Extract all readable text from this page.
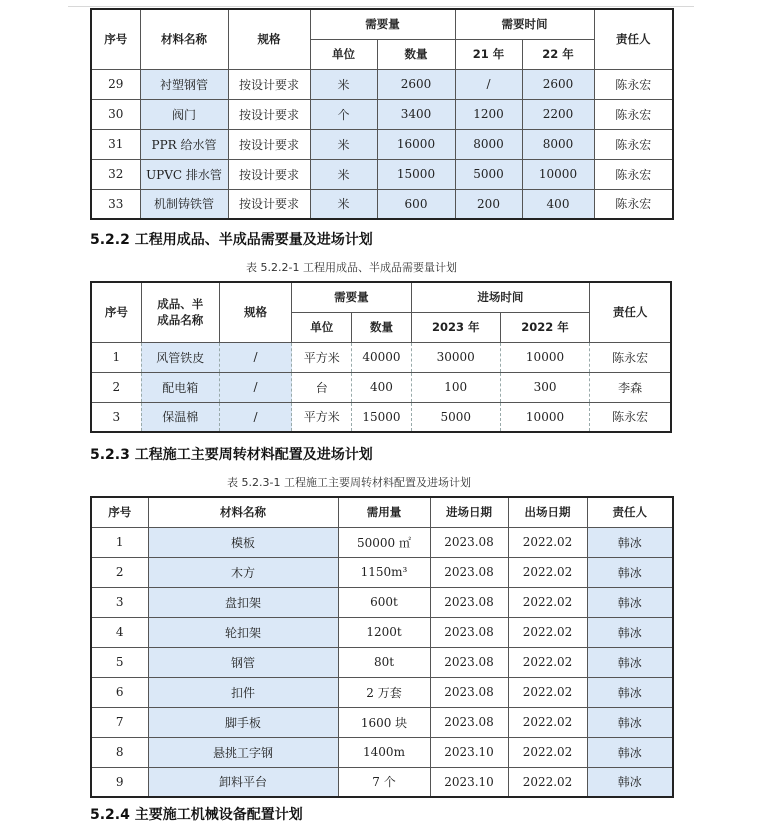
序号	材料名称	规格	需要量		需要时间		责任人
			单位	数量	21 年	22 年	
29	衬塑钢管	按设计要求	米	2600	/	2600	陈永宏
30	阀门	按设计要求	个	3400	1200	2200	陈永宏
31	PPR 给水管	按设计要求	米	16000	8000	8000	陈永宏
32	UPVC 排水管	按设计要求	米	15000	5000	10000	陈永宏
33	机制铸铁管	按设计要求	米	600	200	400	陈永宏
5.2.2 工程用成品、半成品需要量及进场计划
表 5.2.2-1 工程用成品、半成品需要量计划
序号	成品、半成品名称	规格	需要量		进场时间		责任人
			单位	数量	2023 年	2022 年	
1	风管铁皮	/	平方米	40000	30000	10000	陈永宏
2	配电箱	/	台	400	100	300	李森
3	保温棉	/	平方米	15000	5000	10000	陈永宏
5.2.3 工程施工主要周转材料配置及进场计划
表 5.2.3-1 工程施工主要周转材料配置及进场计划
序号	材料名称	需用量	进场日期	出场日期	责任人
1	模板	50000 ㎡	2023.08	2022.02	韩冰
2	木方	1150m³	2023.08	2022.02	韩冰
3	盘扣架	600t	2023.08	2022.02	韩冰
4	轮扣架	1200t	2023.08	2022.02	韩冰
5	钢管	80t	2023.08	2022.02	韩冰
6	扣件	2 万套	2023.08	2022.02	韩冰
7	脚手板	1600 块	2023.08	2022.02	韩冰
8	悬挑工字钢	1400m	2023.10	2022.02	韩冰
9	卸料平台	7 个	2023.10	2022.02	韩冰
5.2.4 主要施工机械设备配置计划
